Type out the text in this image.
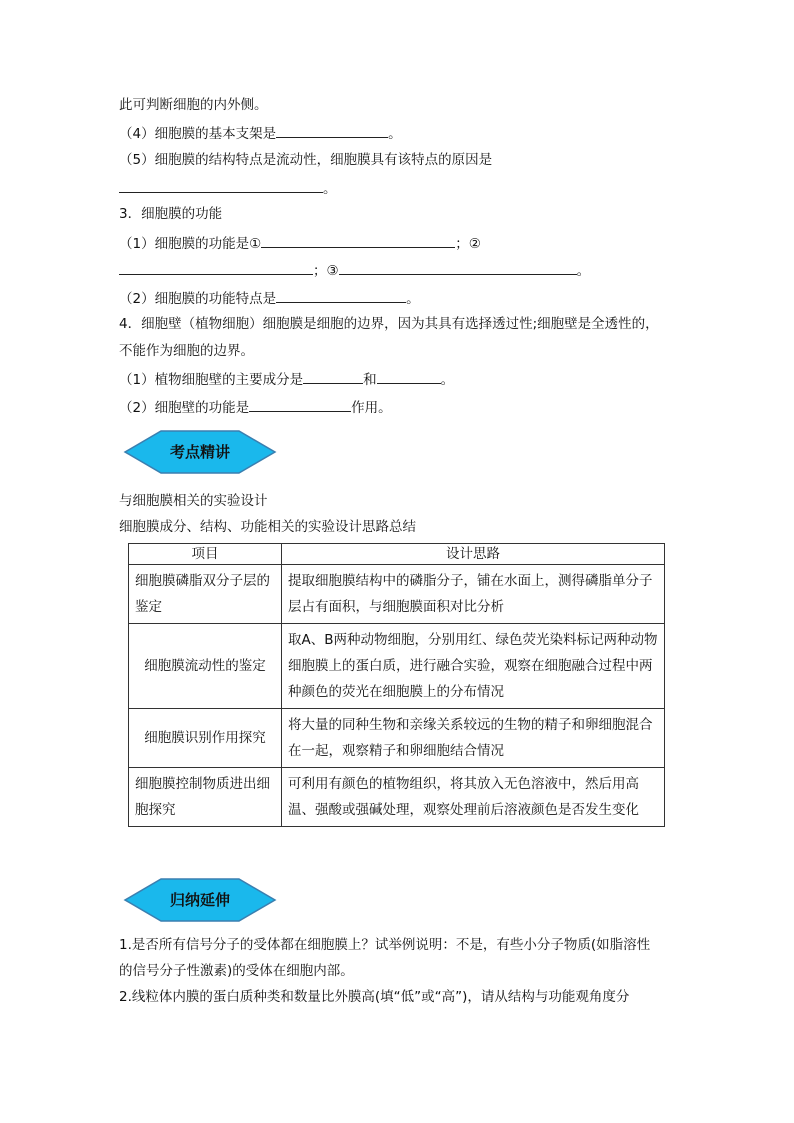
此可判断细胞的内外侧。
（4）细胞膜的基本支架是	。
（5）细胞膜的结构特点是流动性，细胞膜具有该特点的原因是
。
3．细胞膜的功能
（1）细胞膜的功能是①	；②
；③	。
（2）细胞膜的功能特点是	。
4．细胞壁（植物细胞）细胞膜是细胞的边界，因为其具有选择透过性;细胞壁是全透性的，
不能作为细胞的边界。
（1）植物细胞壁的主要成分是	和	。
（2）细胞壁的功能是	作用。
考点精讲
与细胞膜相关的实验设计
细胞膜成分、结构、功能相关的实验设计思路总结
项目	设计思路
细胞膜磷脂双分子层的鉴定	提取细胞膜结构中的磷脂分子，铺在水面上，测得磷脂单分子层占有面积，与细胞膜面积对比分析
细胞膜流动性的鉴定	取A、B两种动物细胞，分别用红、绿色荧光染料标记两种动物细胞膜上的蛋白质，进行融合实验，观察在细胞融合过程中两种颜色的荧光在细胞膜上的分布情况
细胞膜识别作用探究	将大量的同种生物和亲缘关系较远的生物的精子和卵细胞混合在一起，观察精子和卵细胞结合情况
细胞膜控制物质进出细胞探究	可利用有颜色的植物组织，将其放入无色溶液中，然后用高温、强酸或强碱处理，观察处理前后溶液颜色是否发生变化
归纳延伸
1.是否所有信号分子的受体都在细胞膜上？试举例说明：不是，有些小分子物质(如脂溶性
的信号分子性激素)的受体在细胞内部。
2.线粒体内膜的蛋白质种类和数量比外膜高(填“低”或“高”)，请从结构与功能观角度分
